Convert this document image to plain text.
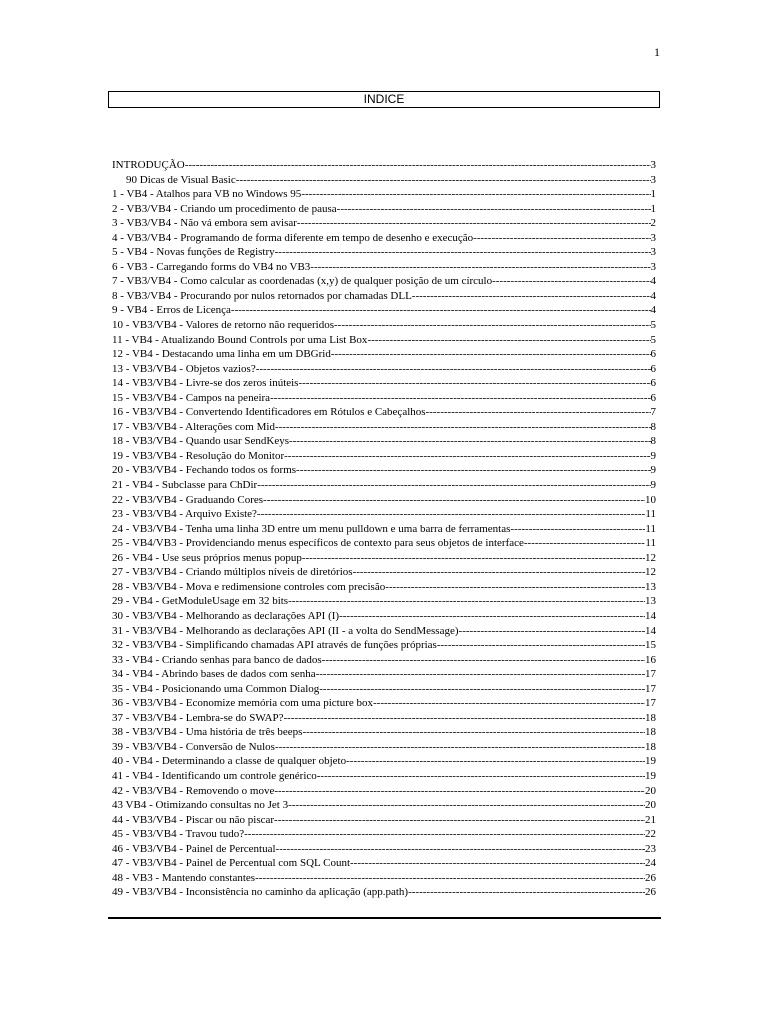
1
INDICE
INTRODUÇÃO -----	3
90 Dicas de Visual Basic -----	3
1 - VB4 - Atalhos para VB no Windows 95 -----	1
2 - VB3/VB4 - Criando um procedimento de pausa -----	1
3 - VB3/VB4 - Não vá embora sem avisar -----	2
4 - VB3/VB4 - Programando de forma diferente em tempo de desenho e execução -----	3
5 - VB4 - Novas funções de Registry -----	3
6 - VB3 - Carregando forms do VB4 no VB3 -----	3
7 - VB3/VB4 - Como calcular as coordenadas (x,y) de qualquer posição de um círculo -----	4
8 - VB3/VB4 - Procurando por nulos retornados por chamadas DLL -----	4
9 - VB4 - Erros de Licença -----	4
10 - VB3/VB4 - Valores de retorno não requeridos -----	5
11 - VB4 - Atualizando Bound Controls por uma List Box -----	5
12 - VB4 - Destacando uma linha em um DBGrid -----	6
13 - VB3/VB4 - Objetos vazios? -----	6
14 - VB3/VB4 - Livre-se dos zeros inúteis -----	6
15 - VB3/VB4 - Campos na peneira -----	6
16 - VB3/VB4 - Convertendo Identificadores em Rótulos e Cabeçalhos -----	7
17 - VB3/VB4 - Alterações com Mid -----	8
18 - VB3/VB4 - Quando usar SendKeys -----	8
19 - VB3/VB4 - Resolução do Monitor -----	9
20 - VB3/VB4 - Fechando todos os forms -----	9
21 - VB4 - Subclasse para ChDir -----	9
22 - VB3/VB4 - Graduando Cores -----	10
23 - VB3/VB4 - Arquivo Existe? -----	11
24 - VB3/VB4 - Tenha uma linha 3D entre um menu pulldown e uma barra de ferramentas -----	11
25 - VB4/VB3 - Providenciando menus específicos de contexto para seus objetos de interface -----	11
26 - VB4 - Use seus próprios menus popup -----	12
27 - VB3/VB4 - Criando múltiplos níveis de diretórios -----	12
28 - VB3/VB4 - Mova e redimensione controles com precisão -----	13
29 - VB4 - GetModuleUsage em 32 bits -----	13
30 - VB3/VB4 - Melhorando as declarações API (I) -----	14
31 - VB3/VB4 - Melhorando as declarações API (II - a volta do SendMessage) -----	14
32 - VB3/VB4 - Simplificando chamadas API através de funções próprias -----	15
33 - VB4 - Criando senhas para banco de dados -----	16
34 - VB4 - Abrindo bases de dados com senha -----	17
35 - VB4 - Posicionando uma Common Dialog -----	17
36 - VB3/VB4 - Economize memória com uma picture box -----	17
37 - VB3/VB4 - Lembra-se do SWAP? -----	18
38 - VB3/VB4 - Uma história de três beeps -----	18
39 - VB3/VB4 - Conversão de Nulos -----	18
40 - VB4 - Determinando a classe de qualquer objeto -----	19
41 - VB4 - Identificando um controle genérico -----	19
42 - VB3/VB4 - Removendo o move -----	20
43 VB4 - Otimizando consultas no Jet 3 -----	20
44 - VB3/VB4 - Piscar ou não piscar -----	21
45 - VB3/VB4 - Travou tudo? -----	22
46 - VB3/VB4 - Painel de Percentual -----	23
47 - VB3/VB4 - Painel de Percentual com SQL Count -----	24
48 - VB3 - Mantendo constantes -----	26
49 - VB3/VB4 - Inconsistência no caminho da aplicação (app.path) -----	26
